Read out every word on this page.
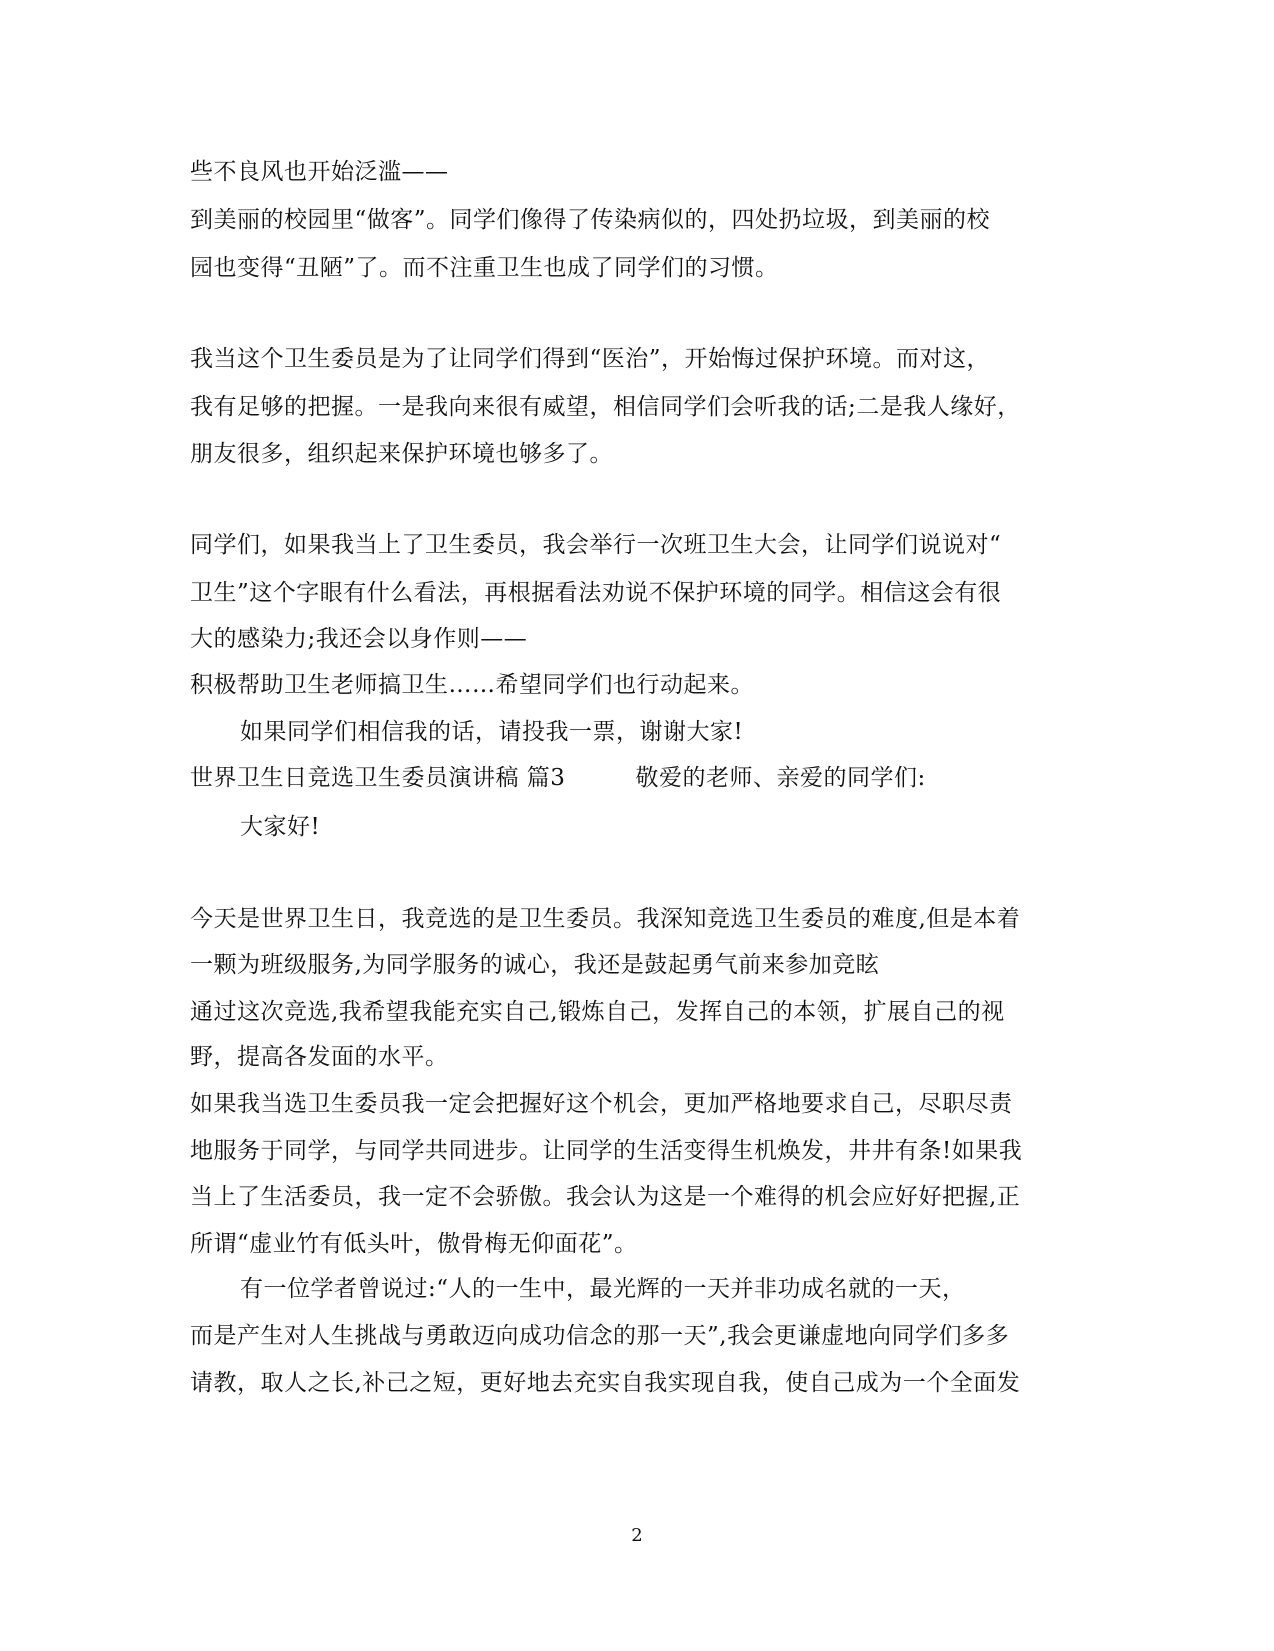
些不良风也开始泛滥——
到美丽的校园里“做客”。同学们像得了传染病似的，四处扔垃圾，到美丽的校
园也变得“丑陋”了。而不注重卫生也成了同学们的习惯。
我当这个卫生委员是为了让同学们得到“医治”，开始悔过保护环境。而对这，
我有足够的把握。一是我向来很有威望，相信同学们会听我的话;二是我人缘好，
朋友很多，组织起来保护环境也够多了。
同学们，如果我当上了卫生委员，我会举行一次班卫生大会，让同学们说说对“
卫生”这个字眼有什么看法，再根据看法劝说不保护环境的同学。相信这会有很
大的感染力;我还会以身作则——
积极帮助卫生老师搞卫生……希望同学们也行动起来。
如果同学们相信我的话，请投我一票，谢谢大家!
世界卫生日竞选卫生委员演讲稿 篇3	敬爱的老师、亲爱的同学们:
大家好!
今天是世界卫生日，我竞选的是卫生委员。我深知竞选卫生委员的难度,但是本着
一颗为班级服务,为同学服务的诚心，我还是鼓起勇气前来参加竞眩
通过这次竞选,我希望我能充实自己,锻炼自己，发挥自己的本领，扩展自己的视
野，提高各发面的水平。
如果我当选卫生委员我一定会把握好这个机会，更加严格地要求自己，尽职尽责
地服务于同学，与同学共同进步。让同学的生活变得生机焕发，井井有条!如果我
当上了生活委员，我一定不会骄傲。我会认为这是一个难得的机会应好好把握,正
所谓“虚业竹有低头叶，傲骨梅无仰面花”。
有一位学者曾说过:“人的一生中，最光辉的一天并非功成名就的一天，
而是产生对人生挑战与勇敢迈向成功信念的那一天”,我会更谦虚地向同学们多多
请教，取人之长,补己之短，更好地去充实自我实现自我，使自己成为一个全面发
2
